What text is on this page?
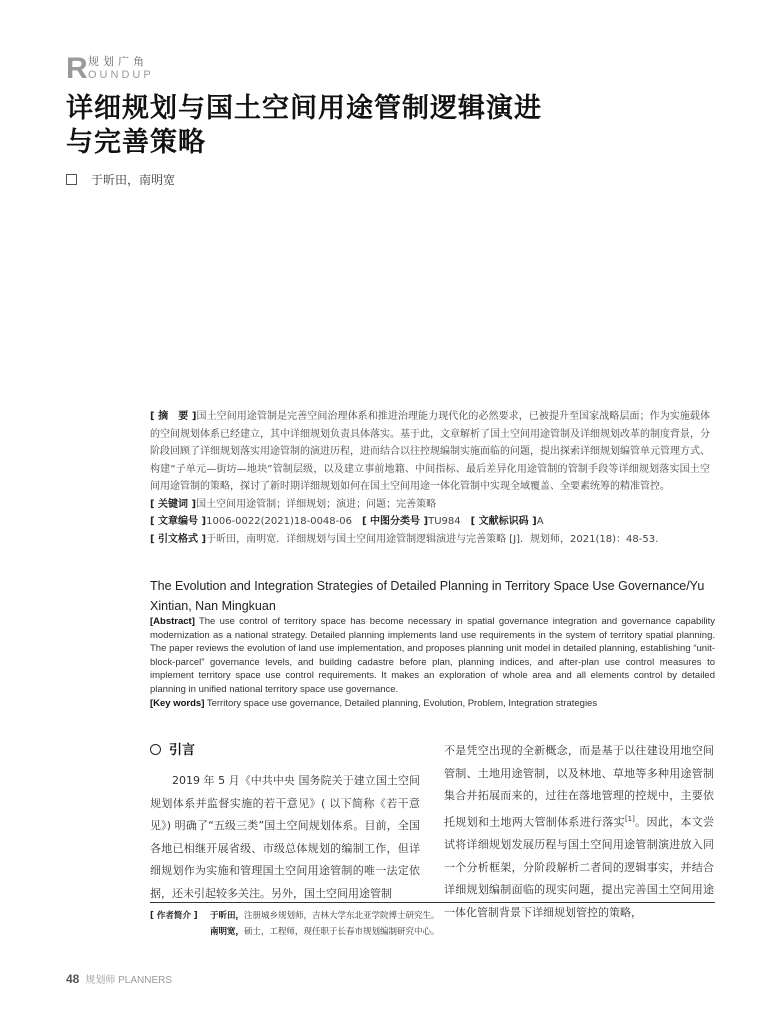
R 规划广角
OUNDUP
详细规划与国土空间用途管制逻辑演进
与完善策略
于昕田，南明宽

[ 摘　要 ]国土空间用途管制是完善空间治理体系和推进治理能力现代化的必然要求，已被提升至国家战略层面；作为实施载体的空间规划体系已经建立，其中详细规划负责具体落实。基于此，文章解析了国土空间用途管制及详细规划改革的制度背景，分阶段回顾了详细规划落实用途管制的演进历程，进而结合以往控规编制实施面临的问题，提出探索详细规划编管单元管理方式、构建“子单元—街坊—地块”管制层级，以及建立事前地籍、中间指标、最后差异化用途管制的管制手段等详细规划落实国土空间用途管制的策略，探讨了新时期详细规划如何在国土空间用途一体化管制中实现全域覆盖、全要素统筹的精准管控。

[ 关键词 ]国土空间用途管制；详细规划；演进；问题；完善策略

[ 文章编号 ]1006-0022(2021)18-0048-06　 [ 中图分类号 ]TU984　 [ 文献标识码 ]A

[ 引文格式 ]于昕田，南明宽．详细规划与国土空间用途管制逻辑演进与完善策略 [J]．规划师，2021(18)：48-53.

The Evolution and Integration Strategies of Detailed Planning in Territory Space Use Governance/Yu Xintian, Nan Mingkuan

[Abstract] The use control of territory space has become necessary in spatial governance integration and governance capability modernization as a national strategy. Detailed planning implements land use requirements in the system of territory spatial planning. The paper reviews the evolution of land use implementation, and proposes planning unit model in detailed planning, establishing “unit-block-parcel” governance levels, and building cadastre before plan, planning indices, and after-plan use control measures to implement territory space use control requirements. It makes an exploration of whole area and all elements control by detailed planning in unified national territory space use governance.

[Key words] Territory space use governance, Detailed planning, Evolution, Problem, Integration strategies

引言

2019 年 5 月《中共中央 国务院关于建立国土空间规划体系并监督实施的若干意见》( 以下简称《若干意见》) 明确了“五级三类”国土空间规划体系。目前，全国各地已相继开展省级、市级总体规划的编制工作，但详细规划作为实施和管理国土空间用途管制的唯一法定依据，还未引起较多关注。另外，国土空间用途管制

不是凭空出现的全新概念，而是基于以往建设用地空间管制、土地用途管制，以及林地、草地等多种用途管制集合并拓展而来的，过往在落地管理的控规中，主要依托规划和土地两大管制体系进行落实[1]。因此，本文尝试将详细规划发展历程与国土空间用途管制演进放入同一个分析框架，分阶段解析二者间的逻辑事实，并结合详细规划编制面临的现实问题，提出完善国土空间用途一体化管制背景下详细规划管控的策略，

[ 作者简介 ] 于昕田，注册城乡规划师，吉林大学东北亚学院博士研究生。
南明宽，硕士，工程师，现任职于长春市规划编制研究中心。
48 规划师 PLANNERS
